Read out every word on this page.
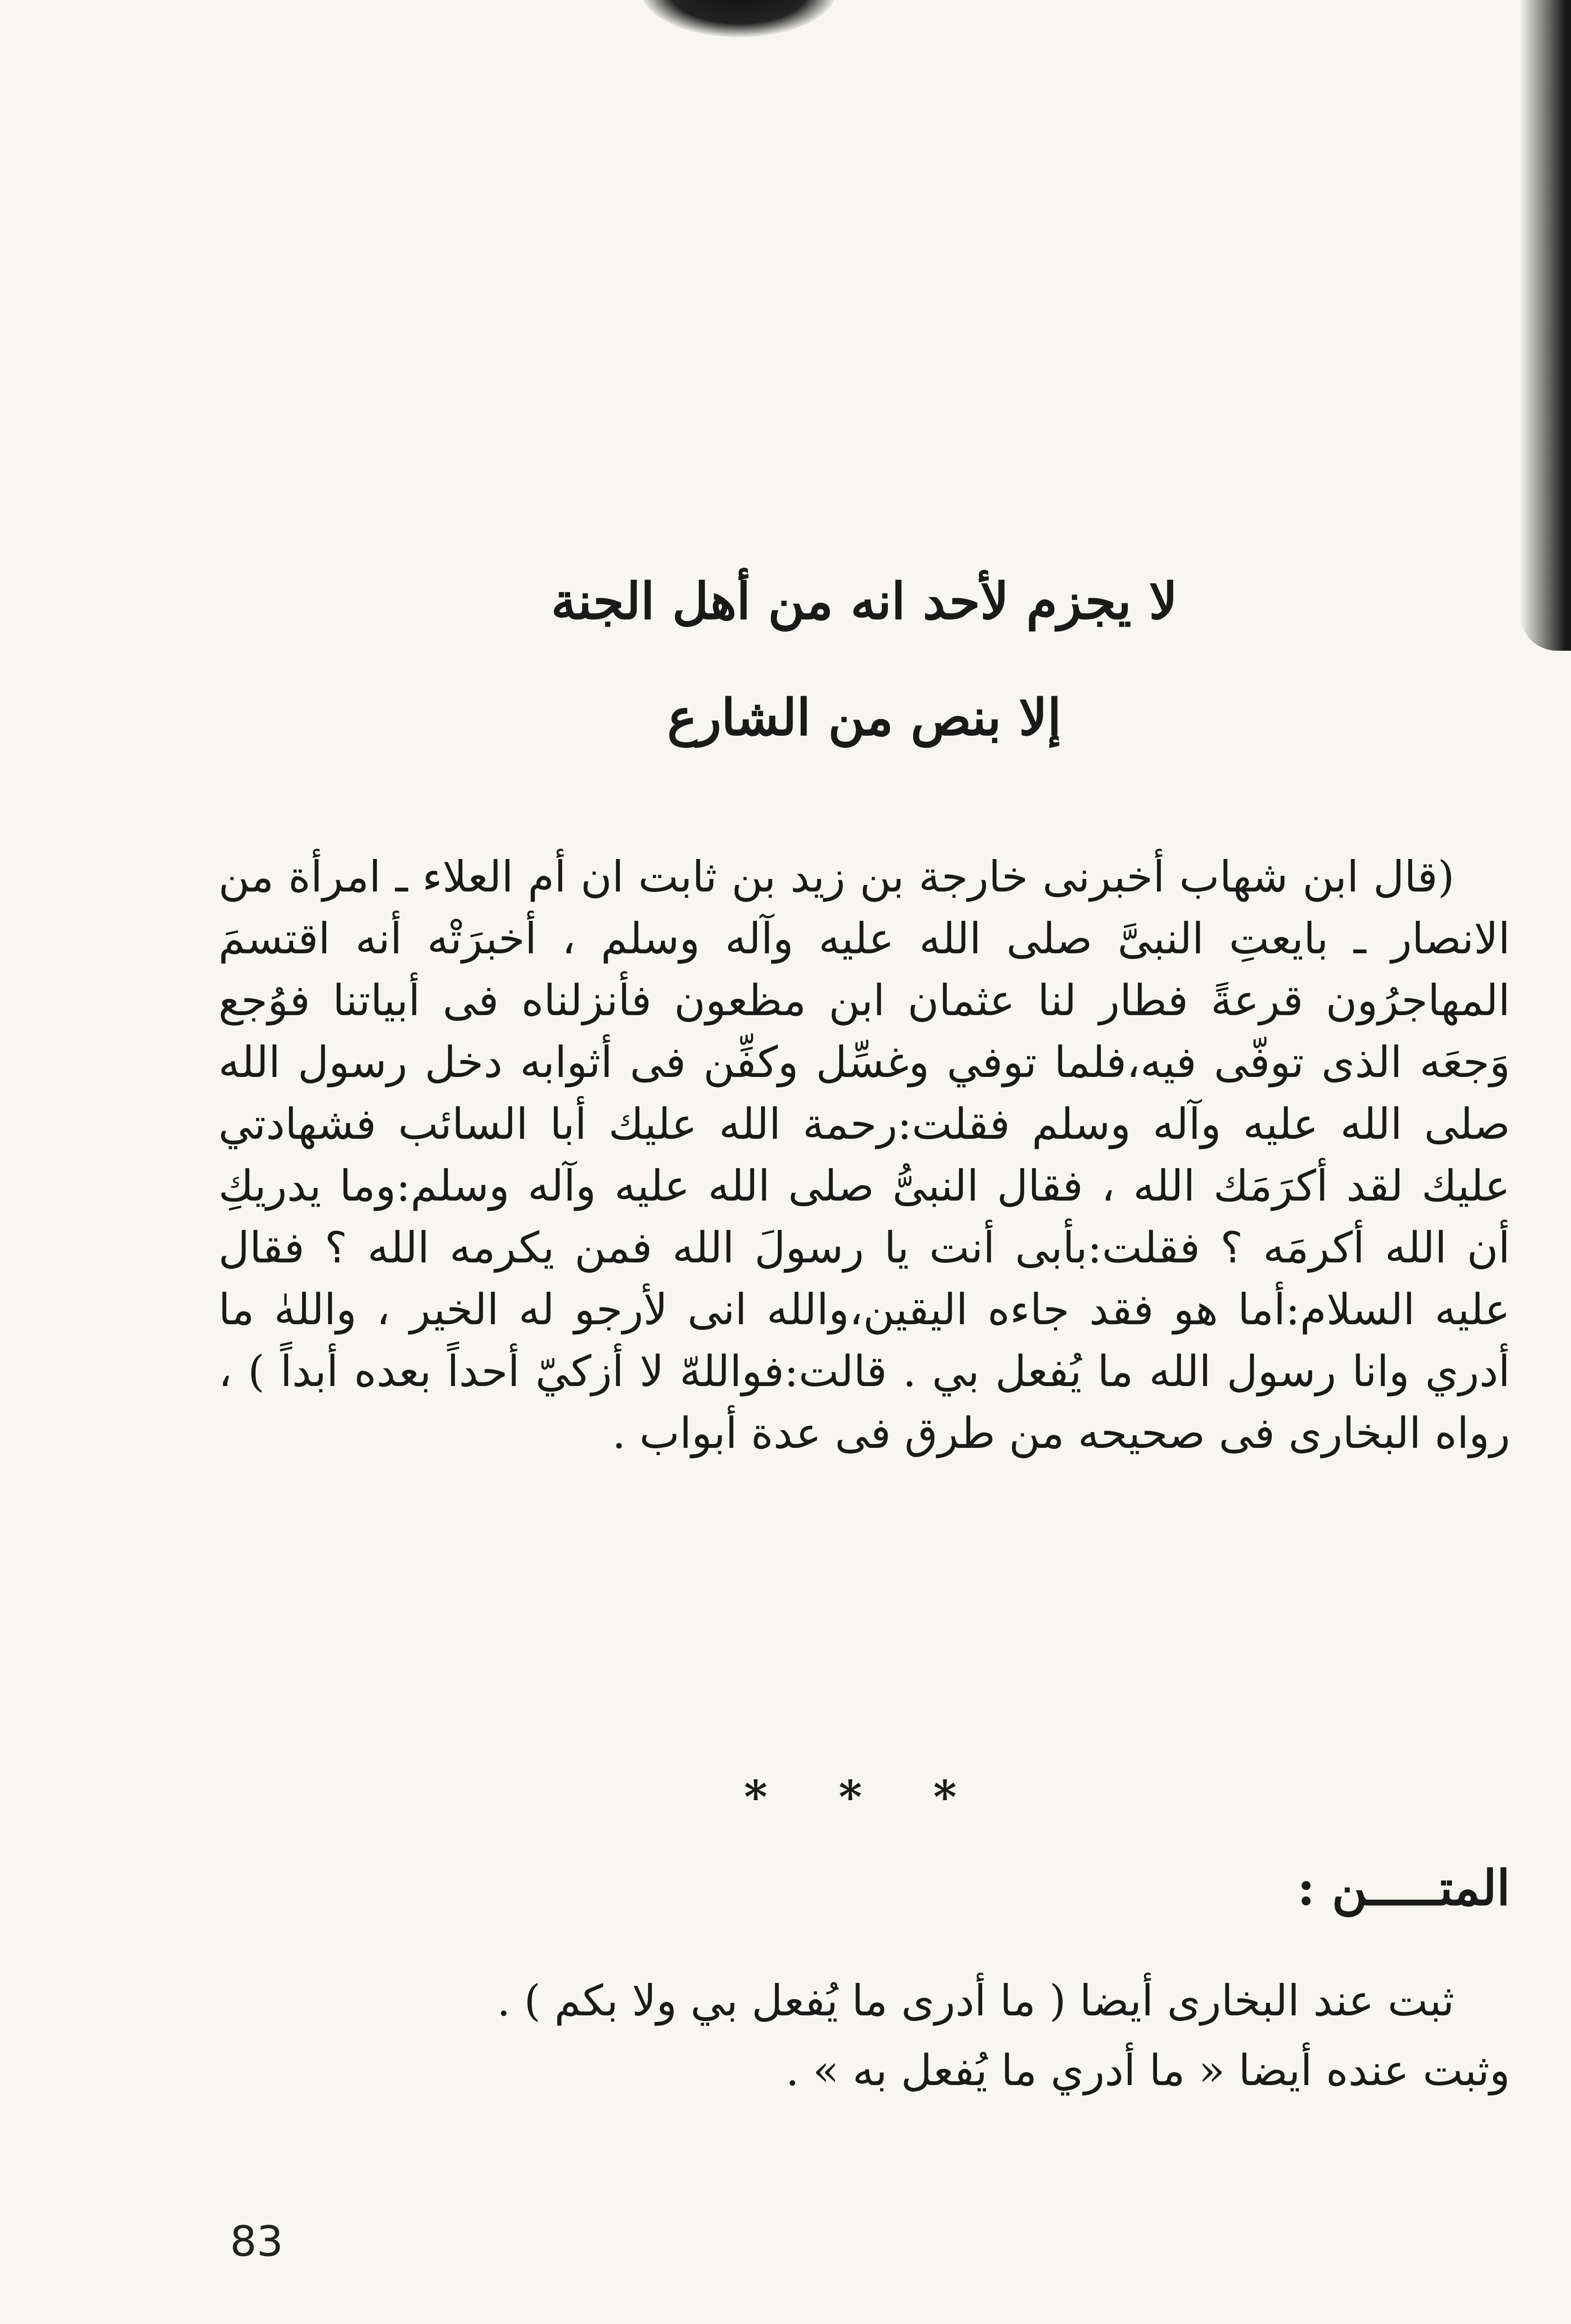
لا يجزم لأحد انه من أهل الجنة
إلا بنص من الشارع

(قال ابن شهاب أخبرنى خارجة بن زيد بن ثابت ان أم العلاء ـ امرأة من الانصار ـ بايعتِ النبىَّ صلى الله عليه وآله وسلم ، أخبرَتْه أنه اقتسمَ المهاجرُون قرعةً فطار لنا عثمان ابن مظعون فأنزلناه فى أبياتنا فوُجع وَجعَه الذى توفّى فيه،فلما توفي وغسِّل وكفِّن فى أثوابه دخل رسول الله صلى الله عليه وآله وسلم فقلت:رحمة الله عليك أبا السائب فشهادتي عليك لقد أكرَمَك الله ، فقال النبىُّ صلى الله عليه وآله وسلم:وما يدريكِ أن الله أكرمَه ؟ فقلت:بأبى أنت يا رسولَ الله فمن يكرمه الله ؟ فقال عليه السلام:أما هو فقد جاءه اليقين،والله انى لأرجو له الخير ، واللهٰ ما أدري وانا رسول الله ما يُفعل بي . قالت:فواللهّ لا أزكيّ أحداً بعده أبداً ) ، رواه البخارى فى صحيحه من طرق فى عدة أبواب .

* * *
المتـــــن :

ثبت عند البخارى أيضا ( ما أدرى ما يُفعل بي ولا بكم ) .

وثبت عنده أيضا « ما أدري ما يُفعل به » .

83
